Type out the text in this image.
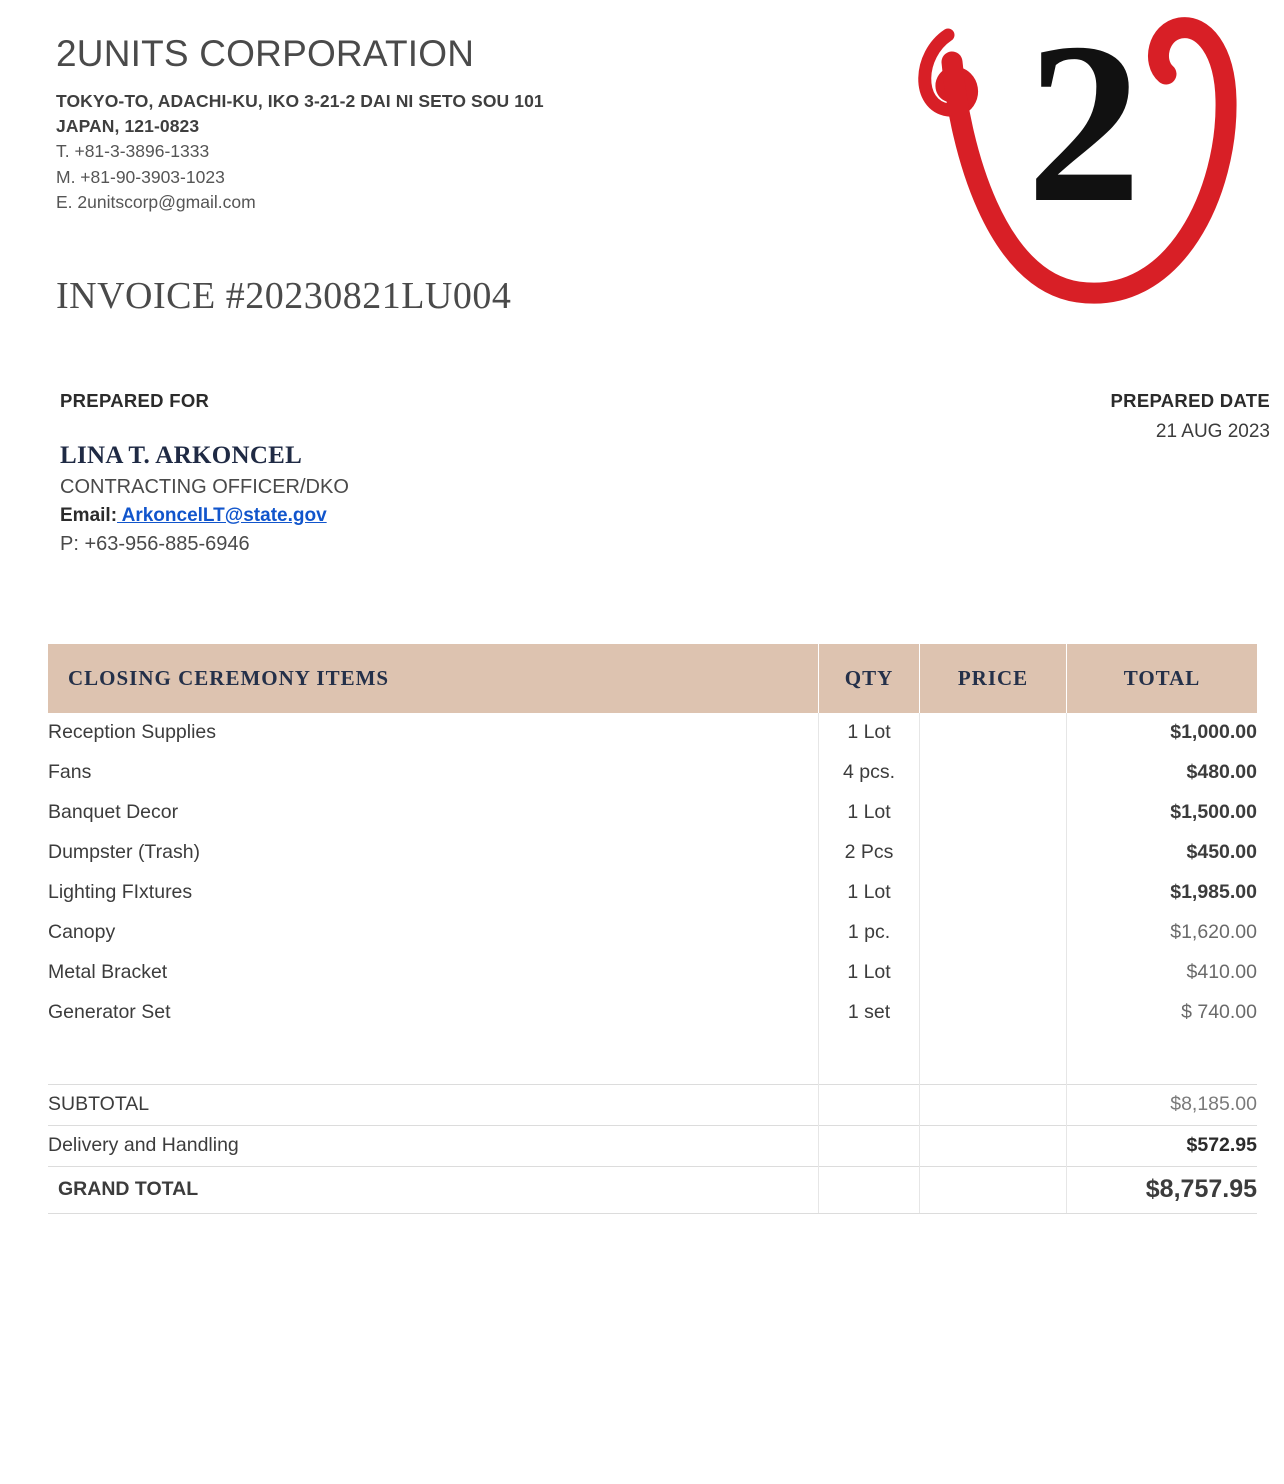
2UNITS CORPORATION
TOKYO-TO, ADACHI-KU, IKO 3-21-2 DAI NI SETO SOU 101
JAPAN, 121-0823
T. +81-3-3896-1333
M. +81-90-3903-1023
E. 2unitscorp@gmail.com	2
INVOICE #20230821LU004
PREPARED FOR	PREPARED DATE
21 AUG 2023
LINA T. ARKONCEL
CONTRACTING OFFICER/DKO
Email: ArkoncelLT@state.gov
P: +63-956-885-6946
CLOSING CEREMONY ITEMS	QTY	PRICE	TOTAL
Reception Supplies	1 Lot		$1,000.00
Fans	4 pcs.		$480.00
Banquet Decor	1 Lot		$1,500.00
Dumpster (Trash)	2 Pcs		$450.00
Lighting FIxtures	1 Lot		$1,985.00
Canopy	1 pc.		$1,620.00
Metal Bracket	1 Lot		$410.00
Generator Set	1 set		$ 740.00

SUBTOTAL			$8,185.00
Delivery and Handling			$572.95
GRAND TOTAL			$8,757.95
